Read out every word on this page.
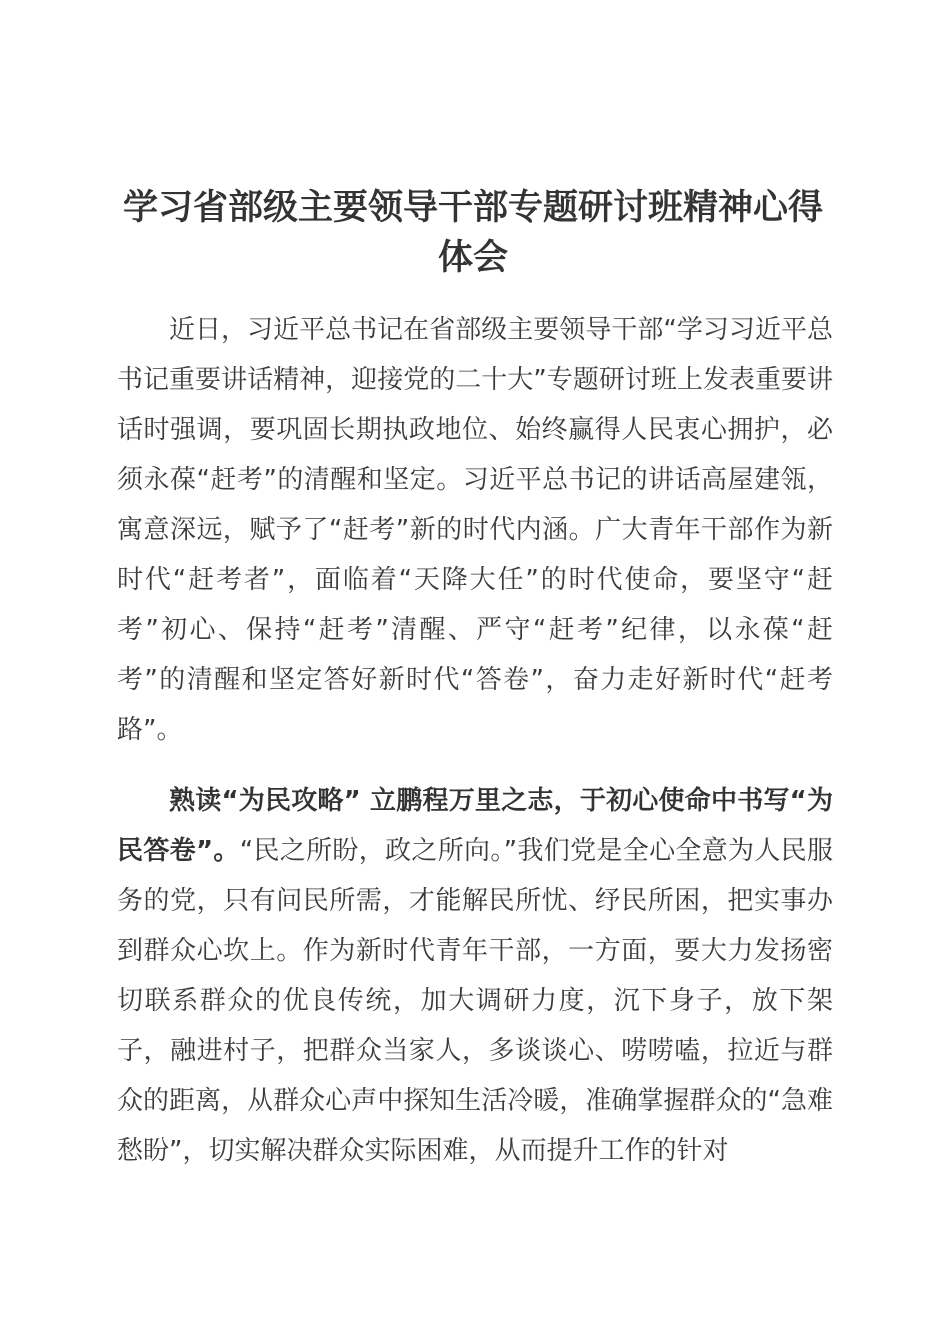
学习省部级主要领导干部专题研讨班精神心得体会

近日，习近平总书记在省部级主要领导干部“学习习近平总书记重要讲话精神，迎接党的二十大”专题研讨班上发表重要讲话时强调，要巩固长期执政地位、始终赢得人民衷心拥护，必须永葆“赶考”的清醒和坚定。习近平总书记的讲话高屋建瓴，寓意深远，赋予了“赶考”新的时代内涵。广大青年干部作为新时代“赶考者”，面临着“天降大任”的时代使命，要坚守“赶考”初心、保持“赶考”清醒、严守“赶考”纪律，以永葆“赶考”的清醒和坚定答好新时代“答卷”，奋力走好新时代“赶考路”。

熟读“为民攻略” 立鹏程万里之志，于初心使命中书写“为民答卷”。“民之所盼，政之所向。”我们党是全心全意为人民服务的党，只有问民所需，才能解民所忧、纾民所困，把实事办到群众心坎上。作为新时代青年干部，一方面，要大力发扬密切联系群众的优良传统，加大调研力度，沉下身子，放下架子，融进村子，把群众当家人，多谈谈心、唠唠嗑，拉近与群众的距离，从群众心声中探知生活冷暖，准确掌握群众的“急难愁盼”，切实解决群众实际困难，从而提升工作的针对
